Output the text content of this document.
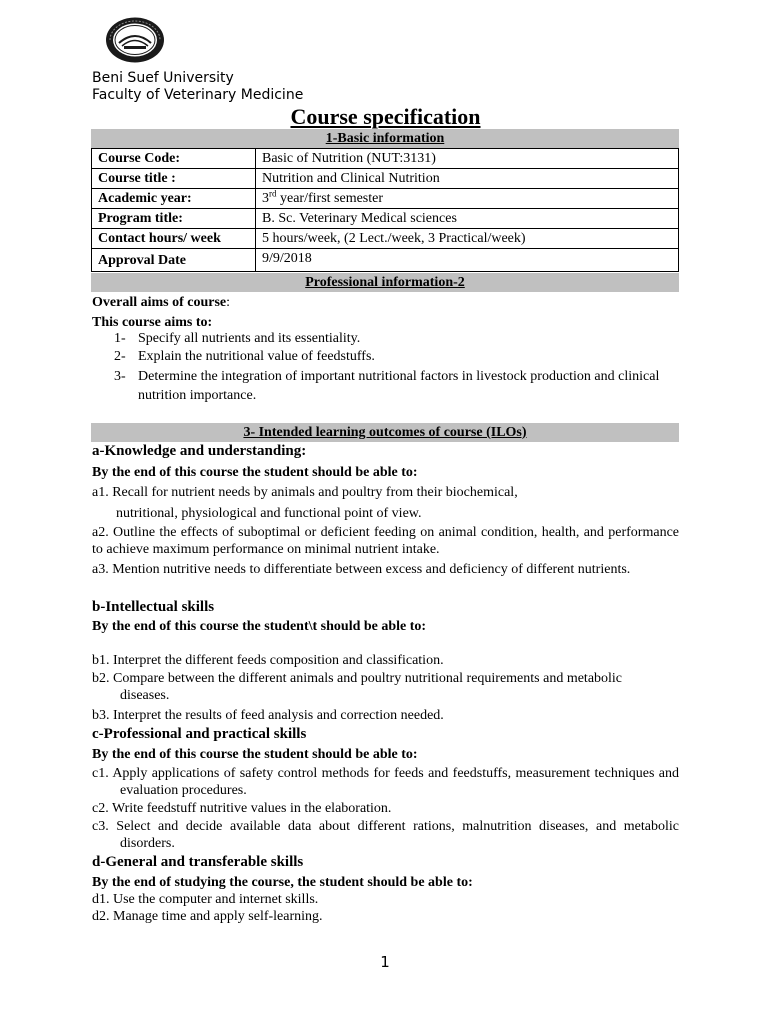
Beni Suef University
Faculty of Veterinary Medicine
Course specification
1-Basic information
Course Code:	Basic of Nutrition (NUT:3131)
Course title :	Nutrition and Clinical Nutrition
Academic year:	3rd year/first semester
Program title:	B. Sc. Veterinary Medical sciences
Contact hours/ week	5 hours/week, (2 Lect./week, 3 Practical/week)
Approval Date	9/9/2018
Professional information-2
Overall aims of course:
This course aims to:
1- Specify all nutrients and its essentiality.
2- Explain the nutritional value of feedstuffs.
3- Determine the integration of important nutritional factors in livestock production and clinical nutrition importance.
3- Intended learning outcomes of course (ILOs)
a-Knowledge and understanding:
By the end of this course the student should be able to:
a1. Recall for nutrient needs by animals and poultry from their biochemical,
nutritional, physiological and functional point of view.
a2. Outline the effects of suboptimal or deficient feeding on animal condition, health, and performance to achieve maximum performance on minimal nutrient intake.
a3. Mention nutritive needs to differentiate between excess and deficiency of different nutrients.
b-Intellectual skills
By the end of this course the student\t should be able to:
b1. Interpret the different feeds composition and classification.
b2. Compare between the different animals and poultry nutritional requirements and metabolic diseases.
b3. Interpret the results of feed analysis and correction needed.
c-Professional and practical skills
By the end of this course the student should be able to:
c1. Apply applications of safety control methods for feeds and feedstuffs, measurement techniques and evaluation procedures.
c2. Write feedstuff nutritive values in the elaboration.
c3. Select and decide available data about different rations, malnutrition diseases, and metabolic disorders.
d-General and transferable skills
By the end of studying the course, the student should be able to:
d1. Use the computer and internet skills.
d2. Manage time and apply self-learning.
1
